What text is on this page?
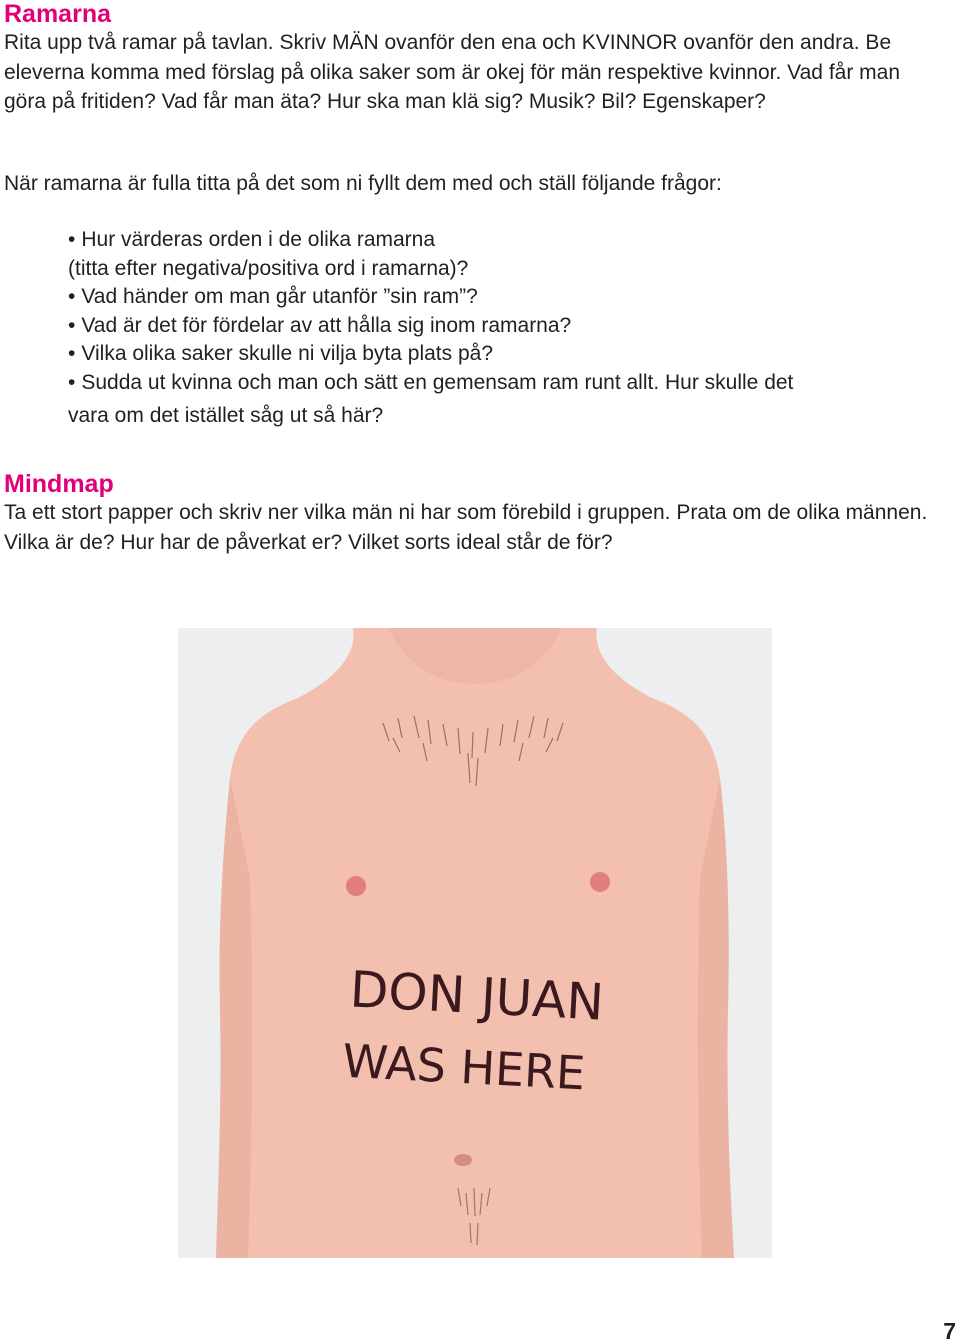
Ramarna

Rita upp två ramar på tavlan. Skriv MÄN ovanför den ena och KVINNOR ovanför den andra. Be eleverna komma med förslag på olika saker som är okej för män respektive kvinnor. Vad får man göra på fritiden? Vad får man äta? Hur ska man klä sig? Musik? Bil? Egenskaper?

När ramarna är fulla titta på det som ni fyllt dem med och ställ följande frågor:

• Hur värderas orden i de olika ramarna
(titta efter negativa/positiva ord i ramarna)?
• Vad händer om man går utanför ”sin ram”?
• Vad är det för fördelar av att hålla sig inom ramarna?
• Vilka olika saker skulle ni vilja byta plats på?
• Sudda ut kvinna och man och sätt en gemensam ram runt allt. Hur skulle det
vara om det istället såg ut så här?
Mindmap

Ta ett stort papper och skriv ner vilka män ni har som förebild i gruppen. Prata om de olika männen. Vilka är de? Hur har de påverkat er? Vilket sorts ideal står de för?

DON JUAN
WAS HERE
7
